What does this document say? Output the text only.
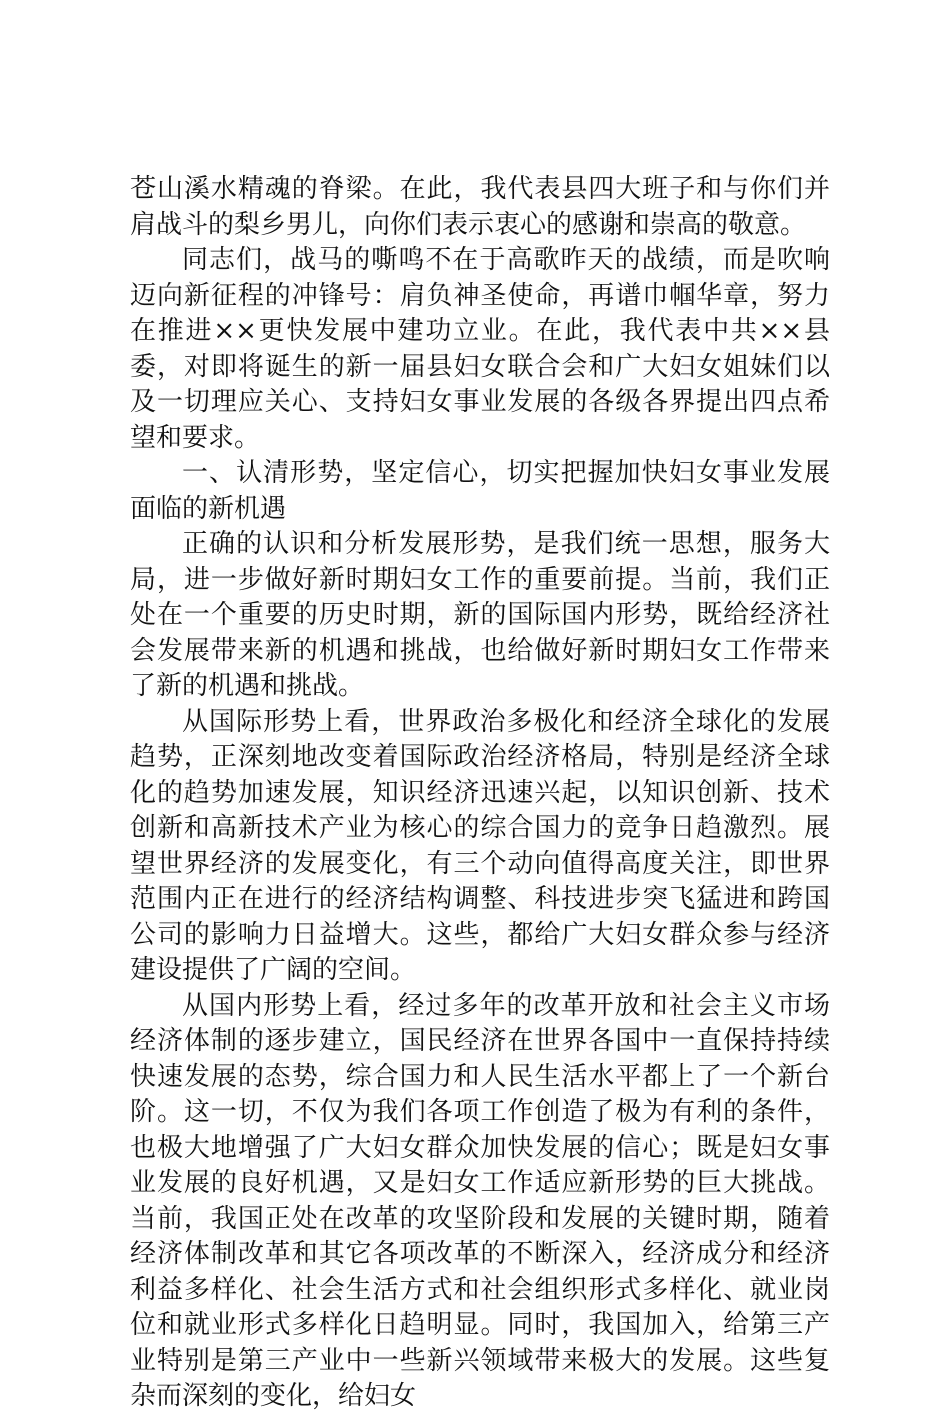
苍山溪水精魂的脊梁。在此，我代表县四大班子和与你们并肩战斗的梨乡男儿，向你们表示衷心的感谢和崇高的敬意。

同志们，战马的嘶鸣不在于高歌昨天的战绩，而是吹响迈向新征程的冲锋号：肩负神圣使命，再谱巾帼华章，努力在推进××更快发展中建功立业。在此，我代表中共××县委，对即将诞生的新一届县妇女联合会和广大妇女姐妹们以及一切理应关心、支持妇女事业发展的各级各界提出四点希望和要求。

一、认清形势，坚定信心，切实把握加快妇女事业发展面临的新机遇

正确的认识和分析发展形势，是我们统一思想，服务大局，进一步做好新时期妇女工作的重要前提。当前，我们正处在一个重要的历史时期，新的国际国内形势，既给经济社会发展带来新的机遇和挑战，也给做好新时期妇女工作带来了新的机遇和挑战。

从国际形势上看，世界政治多极化和经济全球化的发展趋势，正深刻地改变着国际政治经济格局，特别是经济全球化的趋势加速发展，知识经济迅速兴起，以知识创新、技术创新和高新技术产业为核心的综合国力的竞争日趋激烈。展望世界经济的发展变化，有三个动向值得高度关注，即世界范围内正在进行的经济结构调整、科技进步突飞猛进和跨国公司的影响力日益增大。这些，都给广大妇女群众参与经济建设提供了广阔的空间。

从国内形势上看，经过多年的改革开放和社会主义市场经济体制的逐步建立，国民经济在世界各国中一直保持持续快速发展的态势，综合国力和人民生活水平都上了一个新台阶。这一切，不仅为我们各项工作创造了极为有利的条件，也极大地增强了广大妇女群众加快发展的信心；既是妇女事业发展的良好机遇，又是妇女工作适应新形势的巨大挑战。当前，我国正处在改革的攻坚阶段和发展的关键时期，随着经济体制改革和其它各项改革的不断深入，经济成分和经济利益多样化、社会生活方式和社会组织形式多样化、就业岗位和就业形式多样化日趋明显。同时，我国加入，给第三产业特别是第三产业中一些新兴领域带来极大的发展。这些复杂而深刻的变化，给妇女
